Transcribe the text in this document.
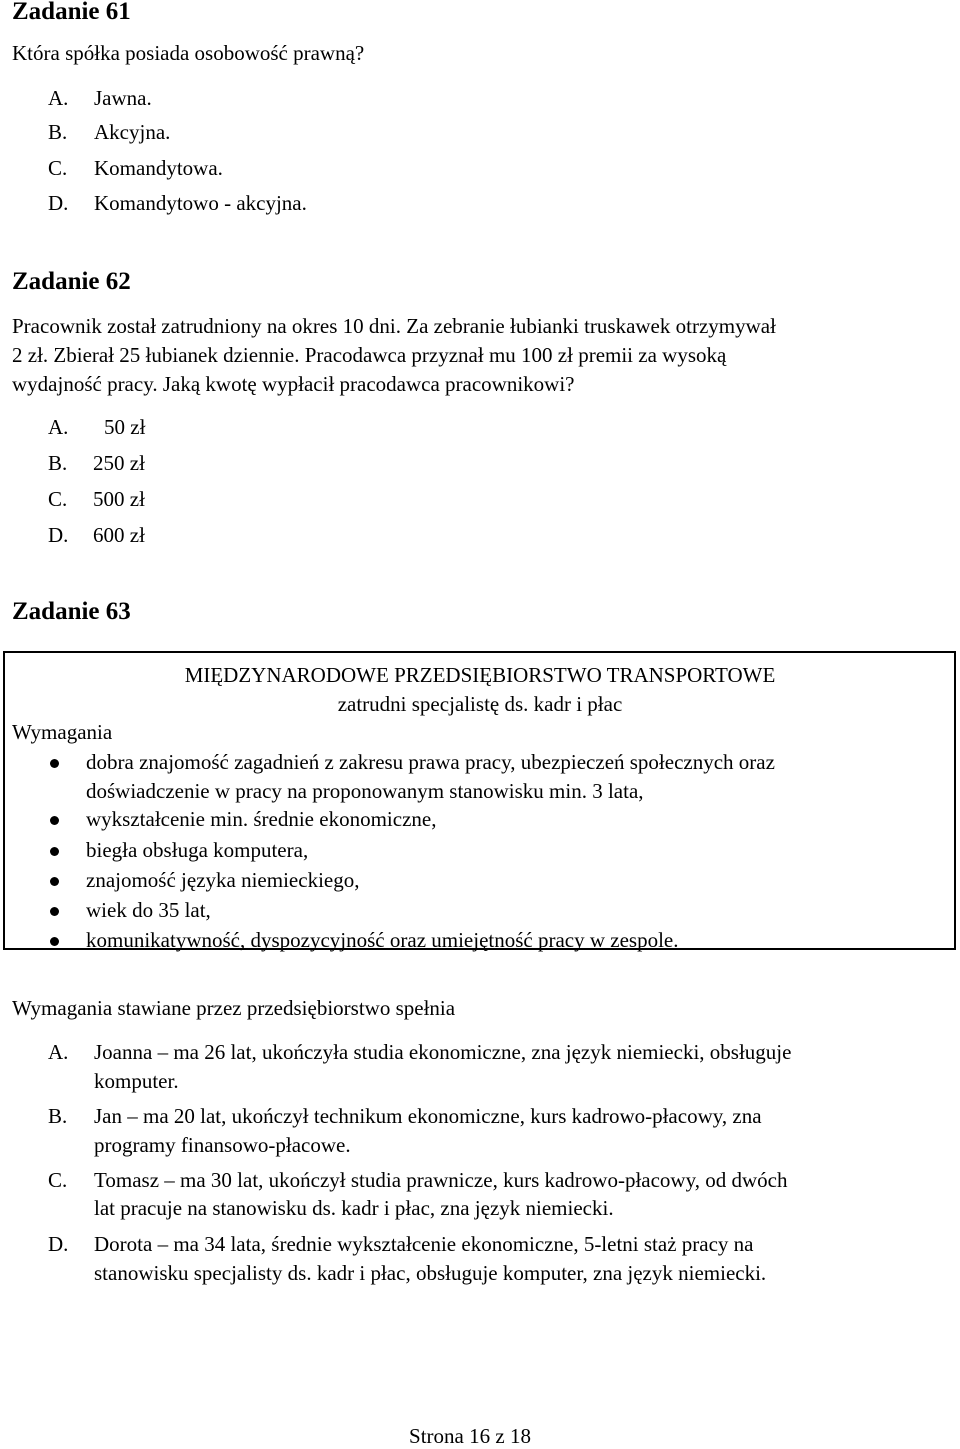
Zadanie 61
Która spółka posiada osobowość prawną?
A. Jawna.
B. Akcyjna.
C. Komandytowa.
D. Komandytowo - akcyjna.
Zadanie 62
Pracownik został zatrudniony na okres 10 dni. Za zebranie łubianki truskawek otrzymywał
2 zł. Zbierał 25 łubianek dziennie. Pracodawca przyznał mu 100 zł premii za wysoką
wydajność pracy. Jaką kwotę wypłacił pracodawca pracownikowi?
A. 50 zł
B. 250 zł
C. 500 zł
D. 600 zł
Zadanie 63
MIĘDZYNARODOWE PRZEDSIĘBIORSTWO TRANSPORTOWE
zatrudni specjalistę ds. kadr i płac
Wymagania
dobra znajomość zagadnień z zakresu prawa pracy, ubezpieczeń społecznych oraz
doświadczenie w pracy na proponowanym stanowisku min. 3 lata,
wykształcenie min. średnie ekonomiczne,
biegła obsługa komputera,
znajomość języka niemieckiego,
wiek do 35 lat,
komunikatywność, dyspozycyjność oraz umiejętność pracy w zespole.
Wymagania stawiane przez przedsiębiorstwo spełnia
A. Joanna – ma 26 lat, ukończyła studia ekonomiczne, zna język niemiecki, obsługuje
komputer.
B. Jan – ma 20 lat, ukończył technikum ekonomiczne, kurs kadrowo-płacowy, zna
programy finansowo-płacowe.
C. Tomasz – ma 30 lat, ukończył studia prawnicze, kurs kadrowo-płacowy, od dwóch
lat pracuje na stanowisku ds. kadr i płac, zna język niemiecki.
D. Dorota – ma 34 lata, średnie wykształcenie ekonomiczne, 5-letni staż pracy na
stanowisku specjalisty ds. kadr i płac, obsługuje komputer, zna język niemiecki.
Strona 16 z 18
